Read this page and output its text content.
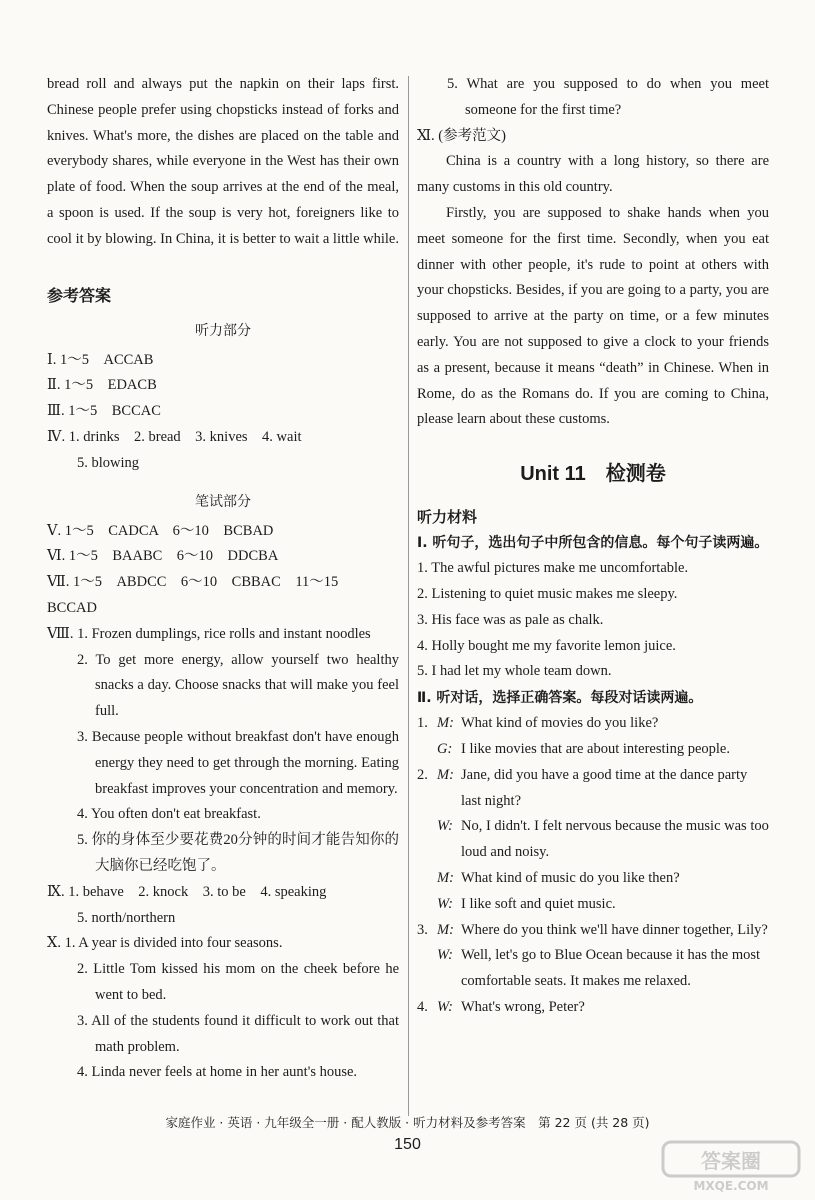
bread roll and always put the napkin on their laps first. Chinese people prefer using chopsticks instead of forks and knives. What's more, the dishes are placed on the table and everybody shares, while everyone in the West has their own plate of food. When the soup arrives at the end of the meal, a spoon is used. If the soup is very hot, foreigners like to cool it by blowing. In China, it is better to wait a little while.

参考答案
听力部分
Ⅰ. 1～5　ACCAB
Ⅱ. 1～5　EDACB
Ⅲ. 1～5　BCCAC
Ⅳ. 1. drinks　2. bread　3. knives　4. wait
5. blowing
笔试部分
Ⅴ. 1～5　CADCA　6～10　BCBAD
Ⅵ. 1～5　BAABC　6～10　DDCBA
Ⅶ. 1～5　ABDCC　6～10　CBBAC　11～15　BCCAD
Ⅷ. 1. Frozen dumplings, rice rolls and instant noodles
2. To get more energy, allow yourself two healthy snacks a day. Choose snacks that will make you feel full.
3. Because people without breakfast don't have enough energy they need to get through the morning. Eating breakfast improves your concentration and memory.
4. You often don't eat breakfast.
5. 你的身体至少要花费20分钟的时间才能告知你的大脑你已经吃饱了。
Ⅸ. 1. behave　2. knock　3. to be　4. speaking
5. north/northern
Ⅹ. 1. A year is divided into four seasons.
2. Little Tom kissed his mom on the cheek before he went to bed.
3. All of the students found it difficult to work out that math problem.
4. Linda never feels at home in her aunt's house.
5. What are you supposed to do when you meet someone for the first time?
Ⅺ. (参考范文)

China is a country with a long history, so there are many customs in this old country.

Firstly, you are supposed to shake hands when you meet someone for the first time. Secondly, when you eat dinner with other people, it's rude to point at others with your chopsticks. Besides, if you are going to a party, you are supposed to arrive at the party on time, or a few minutes early. You are not supposed to give a clock to your friends as a present, because it means “death” in Chinese. When in Rome, do as the Romans do. If you are coming to China, please learn about these customs.

Unit 11　检测卷
听力材料
Ⅰ. 听句子，选出句子中所包含的信息。每个句子读两遍。
1. The awful pictures make me uncomfortable.
2. Listening to quiet music makes me sleepy.
3. His face was as pale as chalk.
4. Holly bought me my favorite lemon juice.
5. I had let my whole team down.
Ⅱ. 听对话，选择正确答案。每段对话读两遍。
1. M: What kind of movies do you like?
G: I like movies that are about interesting people.
2. M: Jane, did you have a good time at the dance party last night?
W: No, I didn't. I felt nervous because the music was too loud and noisy.
M: What kind of music do you like then?
W: I like soft and quiet music.
3. M: Where do you think we'll have dinner together, Lily?
W: Well, let's go to Blue Ocean because it has the most comfortable seats. It makes me relaxed.
4. W: What's wrong, Peter?
家庭作业 · 英语 · 九年级全一册 · 配人教版 · 听力材料及参考答案　第 22 页 (共 28 页)
150
答案圈
MXQE.COM
